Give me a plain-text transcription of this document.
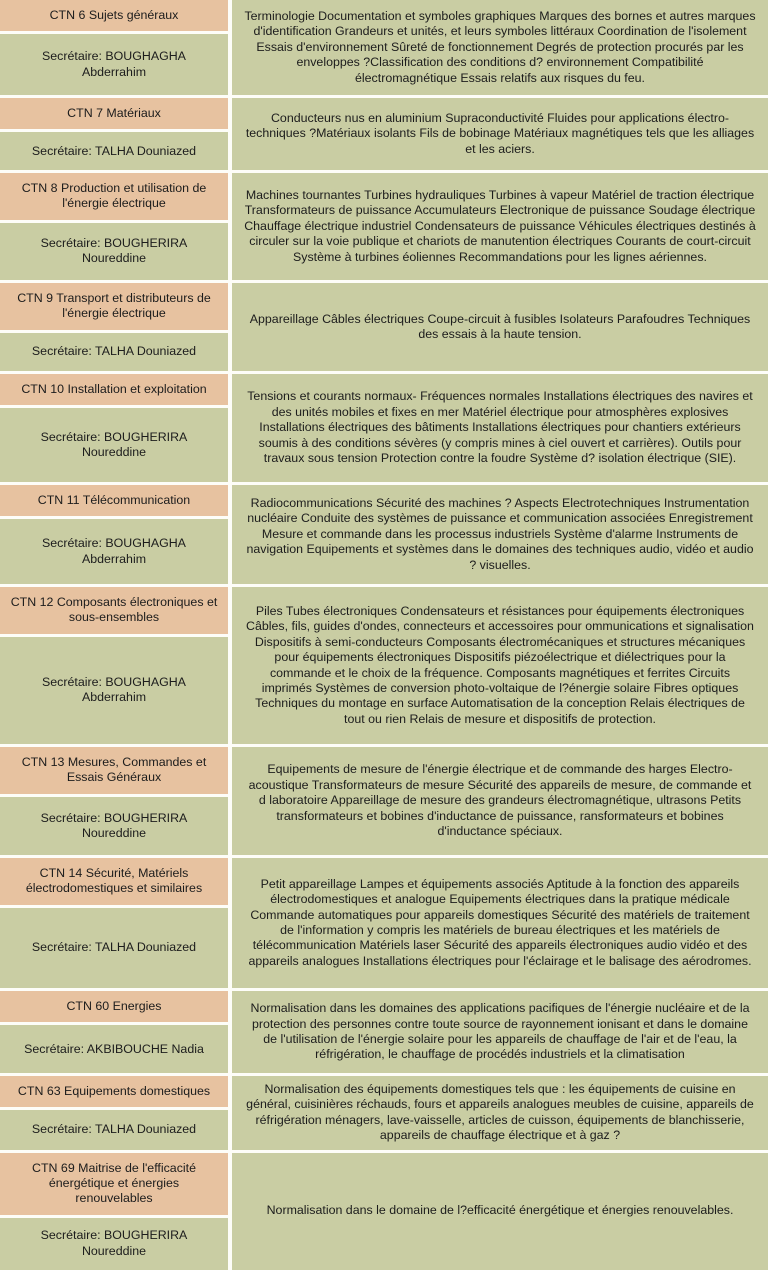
CTN 6 Sujets généraux
Secrétaire: BOUGHAGHA Abderrahim
Terminologie Documentation et symboles graphiques Marques des bornes et autres marques d'identification Grandeurs et unités, et leurs symboles littéraux Coordination de l'isolement Essais d'environnement Sûreté de fonctionnement Degrés de protection procurés par les enveloppes ?Classification des conditions d? environnement Compatibilité électromagnétique Essais relatifs aux risques du feu.
CTN 7 Matériaux
Secrétaire: TALHA Douniazed
Conducteurs nus en aluminium Supraconductivité Fluides pour applications électro-techniques ?Matériaux isolants Fils de bobinage Matériaux magnétiques tels que les alliages et les aciers.
CTN 8 Production et utilisation de l'énergie électrique
Secrétaire: BOUGHERIRA Noureddine
Machines tournantes Turbines hydrauliques Turbines à vapeur Matériel de traction électrique Transformateurs de puissance Accumulateurs Electronique de puissance Soudage électrique Chauffage électrique industriel Condensateurs de puissance Véhicules électriques destinés à circuler sur la voie publique et chariots de manutention électriques Courants de court-circuit Système à turbines éoliennes Recommandations pour les lignes aériennes.
CTN 9 Transport et distributeurs de l'énergie électrique
Secrétaire: TALHA Douniazed
Appareillage Câbles électriques Coupe-circuit à fusibles Isolateurs Parafoudres Techniques des essais à la haute tension.
CTN 10 Installation et exploitation
Secrétaire: BOUGHERIRA Noureddine
Tensions et courants normaux- Fréquences normales Installations électriques des navires et des unités mobiles et fixes en mer Matériel électrique pour atmosphères explosives Installations électriques des bâtiments Installations électriques pour chantiers extérieurs soumis à des conditions sévères (y compris mines à ciel ouvert et carrières). Outils pour travaux sous tension Protection contre la foudre Système d? isolation électrique (SIE).
CTN 11 Télécommunication
Secrétaire: BOUGHAGHA Abderrahim
Radiocommunications Sécurité des machines ? Aspects Electrotechniques Instrumentation nucléaire Conduite des systèmes de puissance et communication associées Enregistrement Mesure et commande dans les processus industriels Système d'alarme Instruments de navigation Equipements et systèmes dans le domaines des techniques audio, vidéo et audio ? visuelles.
CTN 12 Composants électroniques et sous-ensembles
Secrétaire: BOUGHAGHA Abderrahim
Piles Tubes électroniques Condensateurs et résistances pour équipements électroniques Câbles, fils, guides d'ondes, connecteurs et accessoires pour ommunications et signalisation Dispositifs à semi-conducteurs Composants électromécaniques et structures mécaniques pour équipements électroniques Dispositifs piézoélectrique et diélectriques pour la commande et le choix de la fréquence. Composants magnétiques et ferrites Circuits imprimés Systèmes de conversion photo-voltaique de l?énergie solaire Fibres optiques Techniques du montage en surface Automatisation de la conception Relais électriques de tout ou rien Relais de mesure et dispositifs de protection.
CTN 13 Mesures, Commandes et Essais Généraux
Secrétaire: BOUGHERIRA Noureddine
Equipements de mesure de l'énergie électrique et de commande des harges Electro-acoustique Transformateurs de mesure Sécurité des appareils de mesure, de commande et d laboratoire Appareillage de mesure des grandeurs électromagnétique, ultrasons Petits transformateurs et bobines d'inductance de puissance, ransformateurs et bobines d'inductance spéciaux.
CTN 14 Sécurité, Matériels électrodomestiques et similaires
Secrétaire: TALHA Douniazed
Petit appareillage Lampes et équipements associés Aptitude à la fonction des appareils électrodomestiques et analogue Equipements électriques dans la pratique médicale Commande automatiques pour appareils domestiques Sécurité des matériels de traitement de l'information y compris les matériels de bureau électriques et les matériels de télécommunication Matériels laser Sécurité des appareils électroniques audio vidéo et des appareils analogues Installations électriques pour l'éclairage et le balisage des aérodromes.
CTN 60 Energies
Secrétaire: AKBIBOUCHE Nadia
Normalisation dans les domaines des applications pacifiques de l'énergie nucléaire et de la protection des personnes contre toute source de rayonnement ionisant et dans le domaine de l'utilisation de l'énergie solaire pour les appareils de chauffage de l'air et de l'eau, la réfrigération, le chauffage de procédés industriels et la climatisation
CTN 63 Equipements domestiques
Secrétaire: TALHA Douniazed
Normalisation des équipements domestiques tels que : les équipements de cuisine en général, cuisinières réchauds, fours et appareils analogues meubles de cuisine, appareils de réfrigération ménagers, lave-vaisselle, articles de cuisson, équipements de blanchisserie, appareils de chauffage électrique et à gaz ?
CTN 69 Maitrise de l'efficacité énergétique et énergies renouvelables
Secrétaire: BOUGHERIRA Noureddine
Normalisation dans le domaine de l?efficacité énergétique et énergies renouvelables.
